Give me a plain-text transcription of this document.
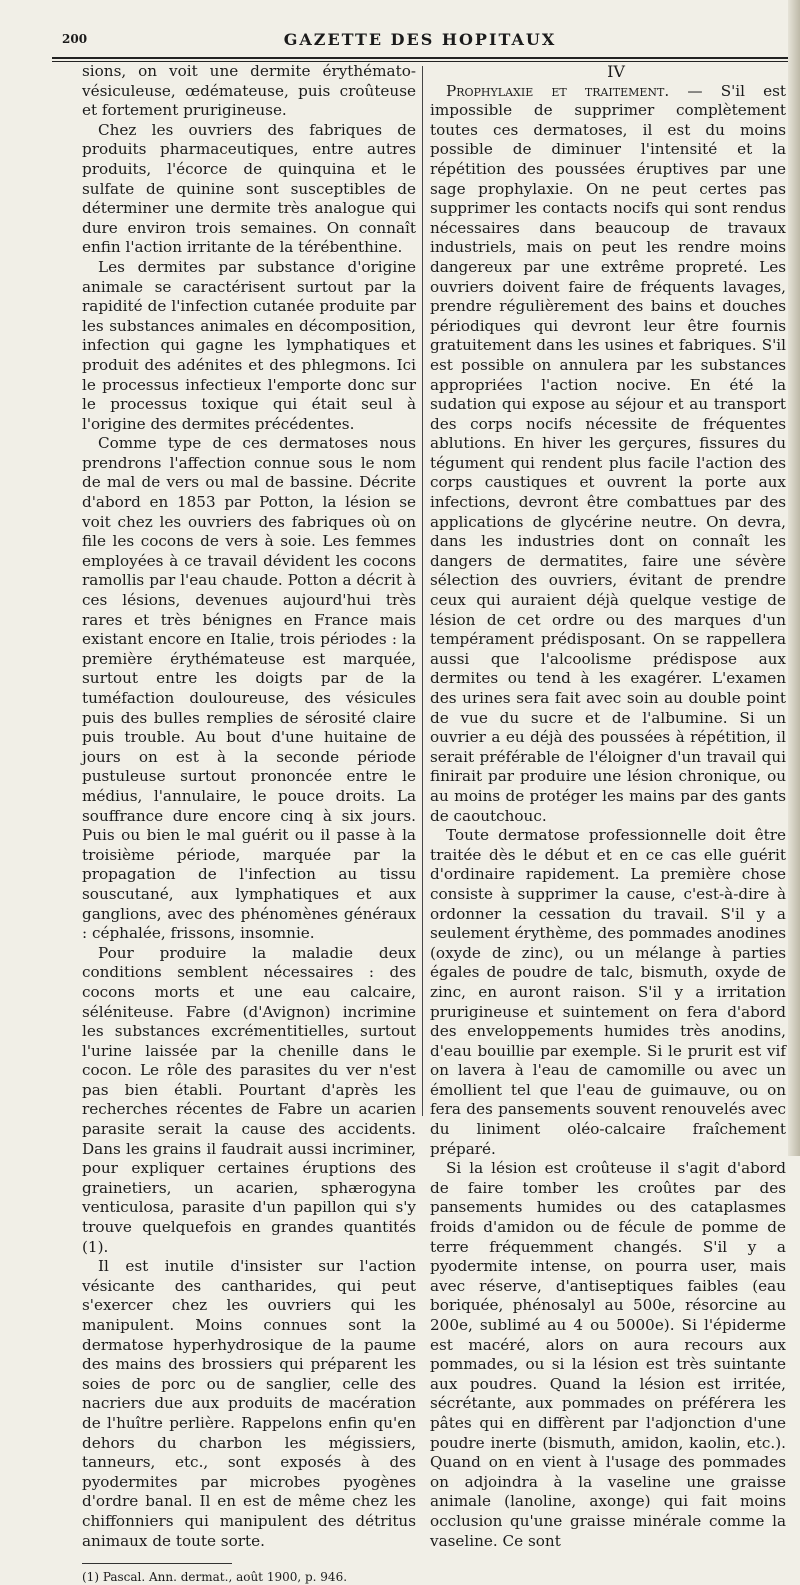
200	GAZETTE DES HOPITAUX

sions, on voit une dermite érythémato-vésiculeuse, œdémateuse, puis croûteuse et fortement prurigineuse.

Chez les ouvriers des fabriques de produits pharmaceutiques, entre autres produits, l'écorce de quinquina et le sulfate de quinine sont susceptibles de déterminer une dermite très analogue qui dure environ trois semaines. On connaît enfin l'action irritante de la térébenthine.

Les dermites par substance d'origine animale se caractérisent surtout par la rapidité de l'infection cutanée produite par les substances animales en décomposition, infection qui gagne les lymphatiques et produit des adénites et des phlegmons. Ici le processus infectieux l'emporte donc sur le processus toxique qui était seul à l'origine des dermites précédentes.

Comme type de ces dermatoses nous prendrons l'affection connue sous le nom de mal de vers ou mal de bassine. Décrite d'abord en 1853 par Potton, la lésion se voit chez les ouvriers des fabriques où on file les cocons de vers à soie. Les femmes employées à ce travail dévident les cocons ramollis par l'eau chaude. Potton a décrit à ces lésions, devenues aujourd'hui très rares et très bénignes en France mais existant encore en Italie, trois périodes : la première érythémateuse est marquée, surtout entre les doigts par de la tuméfaction douloureuse, des vésicules puis des bulles remplies de sérosité claire puis trouble. Au bout d'une huitaine de jours on est à la seconde période pustuleuse surtout prononcée entre le médius, l'annulaire, le pouce droits. La souffrance dure encore cinq à six jours. Puis ou bien le mal guérit ou il passe à la troisième période, marquée par la propagation de l'infection au tissu souscutané, aux lymphatiques et aux ganglions, avec des phénomènes généraux : céphalée, frissons, insomnie.

Pour produire la maladie deux conditions semblent nécessaires : des cocons morts et une eau calcaire, séléniteuse. Fabre (d'Avignon) incrimine les substances excrémentitielles, surtout l'urine laissée par la chenille dans le cocon. Le rôle des parasites du ver n'est pas bien établi. Pourtant d'après les recherches récentes de Fabre un acarien parasite serait la cause des accidents. Dans les grains il faudrait aussi incriminer, pour expliquer certaines éruptions des grainetiers, un acarien, sphærogyna venticulosa, parasite d'un papillon qui s'y trouve quelquefois en grandes quantités (1).

Il est inutile d'insister sur l'action vésicante des cantharides, qui peut s'exercer chez les ouvriers qui les manipulent. Moins connues sont la dermatose hyperhydrosique de la paume des mains des brossiers qui préparent les soies de porc ou de sanglier, celle des nacriers due aux produits de macération de l'huître perlière. Rappelons enfin qu'en dehors du charbon les mégissiers, tanneurs, etc., sont exposés à des pyodermites par microbes pyogènes d'ordre banal. Il en est de même chez les chiffonniers qui manipulent des détritus animaux de toute sorte.

(1) Pascal. Ann. dermat., août 1900, p. 946.

IV

Prophylaxie et traitement. — S'il est impossible de supprimer complètement toutes ces dermatoses, il est du moins possible de diminuer l'intensité et la répétition des poussées éruptives par une sage prophylaxie. On ne peut certes pas supprimer les contacts nocifs qui sont rendus nécessaires dans beaucoup de travaux industriels, mais on peut les rendre moins dangereux par une extrême propreté. Les ouvriers doivent faire de fréquents lavages, prendre régulièrement des bains et douches périodiques qui devront leur être fournis gratuitement dans les usines et fabriques. S'il est possible on annulera par les substances appropriées l'action nocive. En été la sudation qui expose au séjour et au transport des corps nocifs nécessite de fréquentes ablutions. En hiver les gerçures, fissures du tégument qui rendent plus facile l'action des corps caustiques et ouvrent la porte aux infections, devront être combattues par des applications de glycérine neutre. On devra, dans les industries dont on connaît les dangers de dermatites, faire une sévère sélection des ouvriers, évitant de prendre ceux qui auraient déjà quelque vestige de lésion de cet ordre ou des marques d'un tempérament prédisposant. On se rappellera aussi que l'alcoolisme prédispose aux dermites ou tend à les exagérer. L'examen des urines sera fait avec soin au double point de vue du sucre et de l'albumine. Si un ouvrier a eu déjà des poussées à répétition, il serait préférable de l'éloigner d'un travail qui finirait par produire une lésion chronique, ou au moins de protéger les mains par des gants de caoutchouc.

Toute dermatose professionnelle doit être traitée dès le début et en ce cas elle guérit d'ordinaire rapidement. La première chose consiste à supprimer la cause, c'est-à-dire à ordonner la cessation du travail. S'il y a seulement érythème, des pommades anodines (oxyde de zinc), ou un mélange à parties égales de poudre de talc, bismuth, oxyde de zinc, en auront raison. S'il y a irritation prurigineuse et suintement on fera d'abord des enveloppements humides très anodins, d'eau bouillie par exemple. Si le prurit est vif on lavera à l'eau de camomille ou avec un émollient tel que l'eau de guimauve, ou on fera des pansements souvent renouvelés avec du liniment oléo-calcaire fraîchement préparé.

Si la lésion est croûteuse il s'agit d'abord de faire tomber les croûtes par des pansements humides ou des cataplasmes froids d'amidon ou de fécule de pomme de terre fréquemment changés. S'il y a pyodermite intense, on pourra user, mais avec réserve, d'antiseptiques faibles (eau boriquée, phénosalyl au 500e, résorcine au 200e, sublimé au 4 ou 5000e). Si l'épiderme est macéré, alors on aura recours aux pommades, ou si la lésion est très suintante aux poudres. Quand la lésion est irritée, sécrétante, aux pommades on préférera les pâtes qui en diffèrent par l'adjonction d'une poudre inerte (bismuth, amidon, kaolin, etc.). Quand on en vient à l'usage des pommades on adjoindra à la vaseline une graisse animale (lanoline, axonge) qui fait moins occlusion qu'une graisse minérale comme la vaseline. Ce sont
